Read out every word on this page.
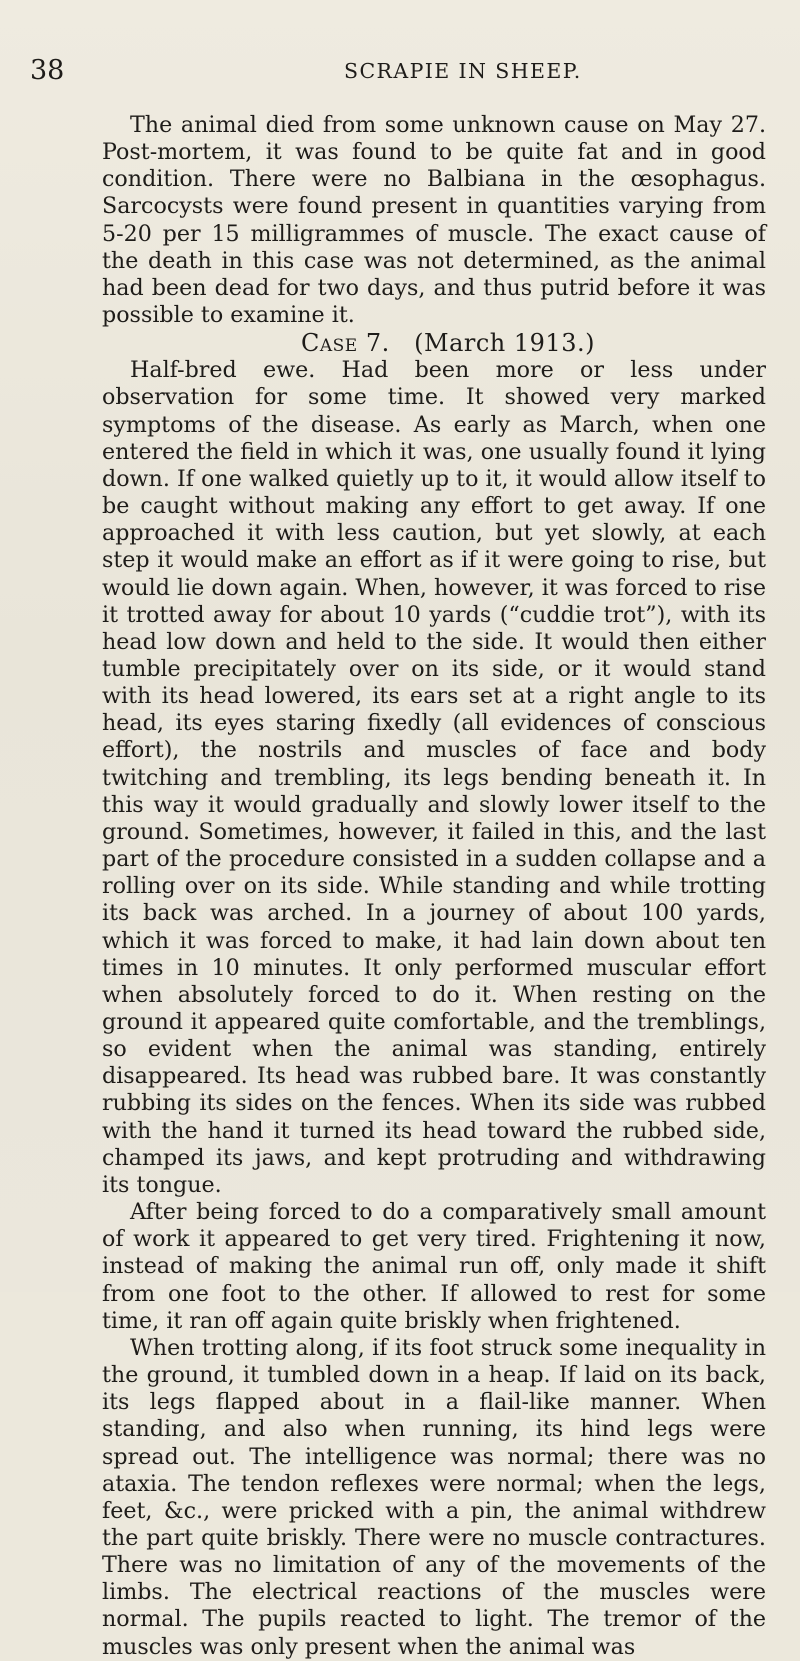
38	SCRAPIE IN SHEEP.

The animal died from some unknown cause on May 27. Post-mortem, it was found to be quite fat and in good condition. There were no Balbiana in the œsophagus. Sarcocysts were found present in quantities varying from 5-20 per 15 milligrammes of muscle. The exact cause of the death in this case was not determined, as the animal had been dead for two days, and thus putrid before it was possible to examine it.

Case 7. (March 1913.)

Half-bred ewe. Had been more or less under observation for some time. It showed very marked symptoms of the disease. As early as March, when one entered the field in which it was, one usually found it lying down. If one walked quietly up to it, it would allow itself to be caught without making any effort to get away. If one approached it with less caution, but yet slowly, at each step it would make an effort as if it were going to rise, but would lie down again. When, however, it was forced to rise it trotted away for about 10 yards (“cuddie trot”), with its head low down and held to the side. It would then either tumble precipitately over on its side, or it would stand with its head lowered, its ears set at a right angle to its head, its eyes staring fixedly (all evidences of conscious effort), the nostrils and muscles of face and body twitching and trembling, its legs bending beneath it. In this way it would gradually and slowly lower itself to the ground. Sometimes, however, it failed in this, and the last part of the procedure consisted in a sudden collapse and a rolling over on its side. While standing and while trotting its back was arched. In a journey of about 100 yards, which it was forced to make, it had lain down about ten times in 10 minutes. It only performed muscular effort when absolutely forced to do it. When resting on the ground it appeared quite comfortable, and the tremblings, so evident when the animal was standing, entirely disappeared. Its head was rubbed bare. It was constantly rubbing its sides on the fences. When its side was rubbed with the hand it turned its head toward the rubbed side, champed its jaws, and kept protruding and withdrawing its tongue.

After being forced to do a comparatively small amount of work it appeared to get very tired. Frightening it now, instead of making the animal run off, only made it shift from one foot to the other. If allowed to rest for some time, it ran off again quite briskly when frightened.

When trotting along, if its foot struck some inequality in the ground, it tumbled down in a heap. If laid on its back, its legs flapped about in a flail-like manner. When standing, and also when running, its hind legs were spread out. The intelligence was normal; there was no ataxia. The tendon reflexes were normal; when the legs, feet, &c., were pricked with a pin, the animal withdrew the part quite briskly. There were no muscle contractures. There was no limitation of any of the movements of the limbs. The electrical reactions of the muscles were normal. The pupils reacted to light. The tremor of the muscles was only present when the animal was
